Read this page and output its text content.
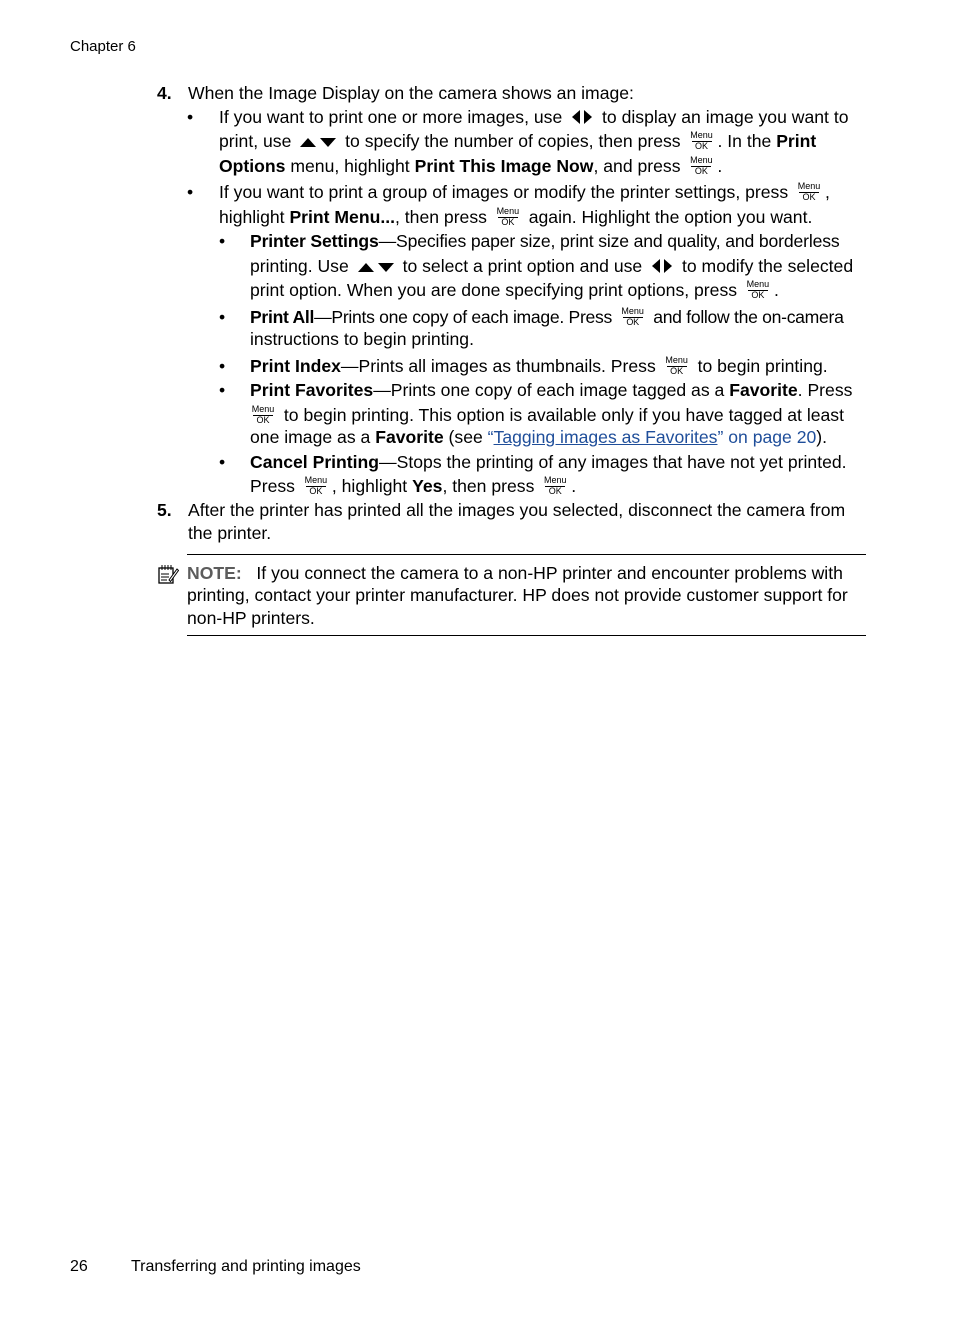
Chapter 6
4. When the Image Display on the camera shows an image:
• If you want to print one or more images, use to display an image you want to
print, use	to specify the number of copies, then press Menu
OK . In the Print
Options menu, highlight Print This Image Now, and press Menu
OK .
• If you want to print a group of images or modify the printer settings, press Menu
OK ,
highlight Print Menu..., then press Menu
OK again. Highlight the option you want.
• Printer Settings—Specifies paper size, print size and quality, and borderless
printing. Use	to select a print option and use to modify the selected
print option. When you are done specifying print options, press Menu
OK .
• Print All—Prints one copy of each image. Press Menu
OK and follow the on-camera
instructions to begin printing.
• Print Index—Prints all images as thumbnails. Press Menu
OK to begin printing.
• Print Favorites—Prints one copy of each image tagged as a Favorite. Press
Menu
OK to begin printing. This option is available only if you have tagged at least
one image as a Favorite (see “Tagging images as Favorites” on page 20).
• Cancel Printing—Stops the printing of any images that have not yet printed.
Press Menu
OK , highlight Yes, then press Menu
OK .
5. After the printer has printed all the images you selected, disconnect the camera from
the printer.
NOTE: If you connect the camera to a non-HP printer and encounter problems with
printing, contact your printer manufacturer. HP does not provide customer support for
non-HP printers.
26	Transferring and printing images
